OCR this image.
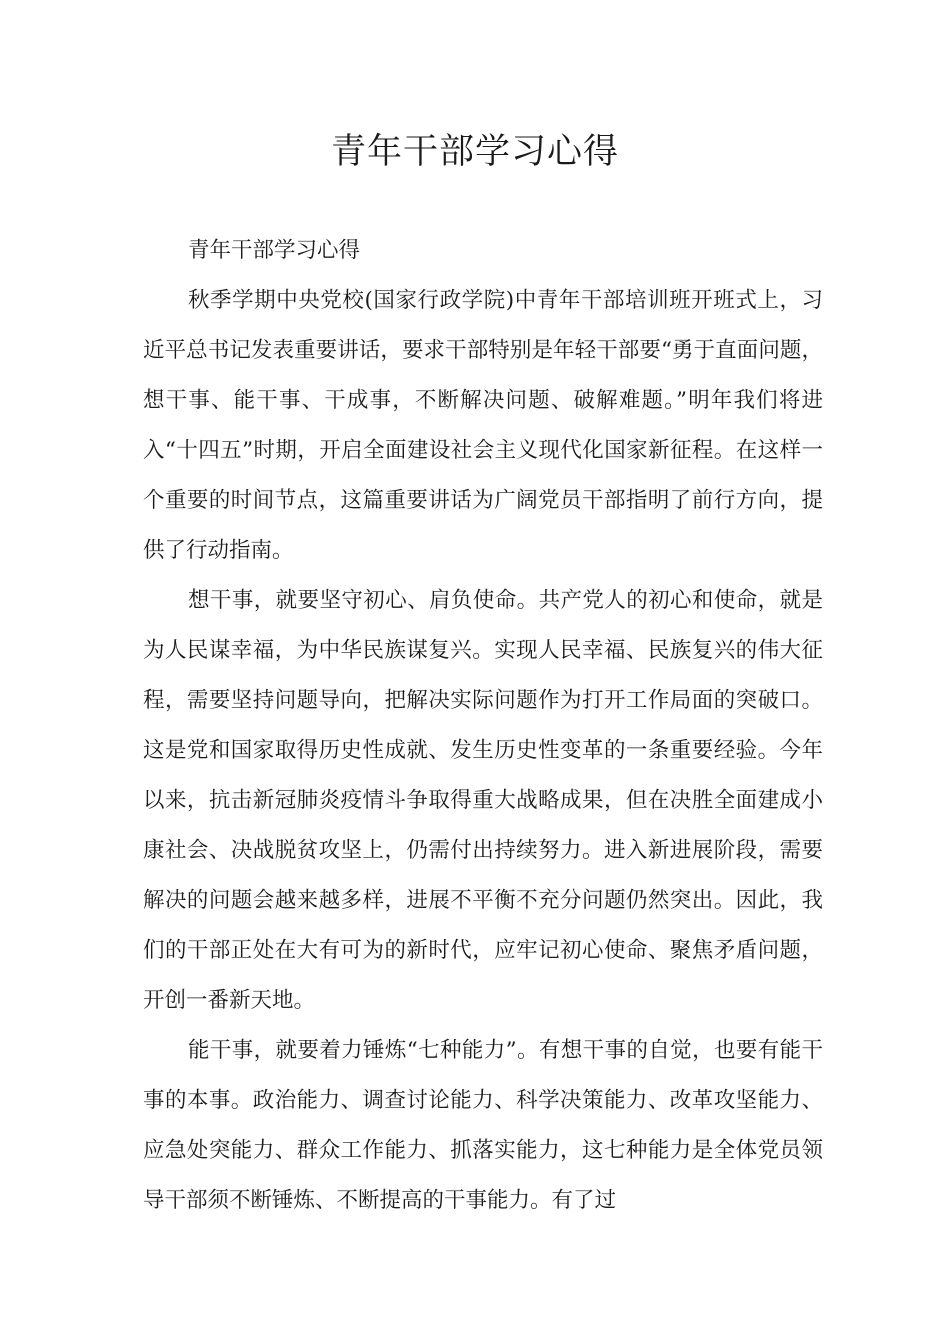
青年干部学习心得

青年干部学习心得

秋季学期中央党校(国家行政学院)中青年干部培训班开班式上，习近平总书记发表重要讲话，要求干部特别是年轻干部要“勇于直面问题，想干事、能干事、干成事，不断解决问题、破解难题。”明年我们将进入“十四五”时期，开启全面建设社会主义现代化国家新征程。在这样一个重要的时间节点，这篇重要讲话为广阔党员干部指明了前行方向，提供了行动指南。

想干事，就要坚守初心、肩负使命。共产党人的初心和使命，就是为人民谋幸福，为中华民族谋复兴。实现人民幸福、民族复兴的伟大征程，需要坚持问题导向，把解决实际问题作为打开工作局面的突破口。这是党和国家取得历史性成就、发生历史性变革的一条重要经验。今年以来，抗击新冠肺炎疫情斗争取得重大战略成果，但在决胜全面建成小康社会、决战脱贫攻坚上，仍需付出持续努力。进入新进展阶段，需要解决的问题会越来越多样，进展不平衡不充分问题仍然突出。因此，我们的干部正处在大有可为的新时代，应牢记初心使命、聚焦矛盾问题，开创一番新天地。

能干事，就要着力锤炼“七种能力”。有想干事的自觉，也要有能干事的本事。政治能力、调查讨论能力、科学决策能力、改革攻坚能力、应急处突能力、群众工作能力、抓落实能力，这七种能力是全体党员领导干部须不断锤炼、不断提高的干事能力。有了过
